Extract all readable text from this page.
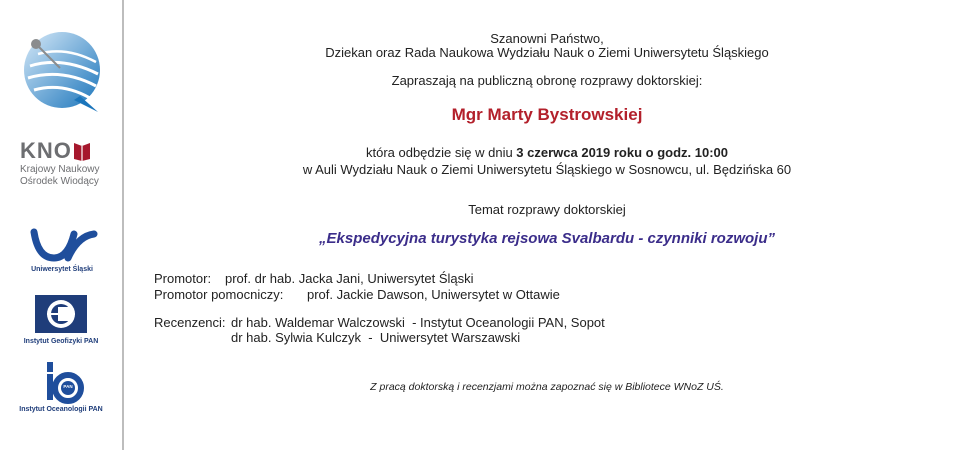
KNO
Krajowy Naukowy
Ośrodek Wiodący
Uniwersytet Śląski
Instytut Geofizyki PAN
PAN
Instytut Oceanologii PAN
Szanowni Państwo,
Dziekan oraz Rada Naukowa Wydziału Nauk o Ziemi Uniwersytetu Śląskiego
Zapraszają na publiczną obronę rozprawy doktorskiej:
Mgr Marty Bystrowskiej
która odbędzie się w dniu 3 czerwca 2019 roku o godz. 10:00
w Auli Wydziału Nauk o Ziemi Uniwersytetu Śląskiego w Sosnowcu, ul. Będzińska 60
Temat rozprawy doktorskiej
„Ekspedycyjna turystyka rejsowa Svalbardu - czynniki rozwoju”
Promotor: prof. dr hab. Jacka Jani, Uniwersytet Śląski
Promotor pomocniczy: prof. Jackie Dawson, Uniwersytet w Ottawie
Recenzenci: dr hab. Waldemar Walczowski  - Instytut Oceanologii PAN, Sopot
dr hab. Sylwia Kulczyk  -  Uniwersytet Warszawski
Z pracą doktorską i recenzjami można zapoznać się w Bibliotece WNoZ UŚ.
